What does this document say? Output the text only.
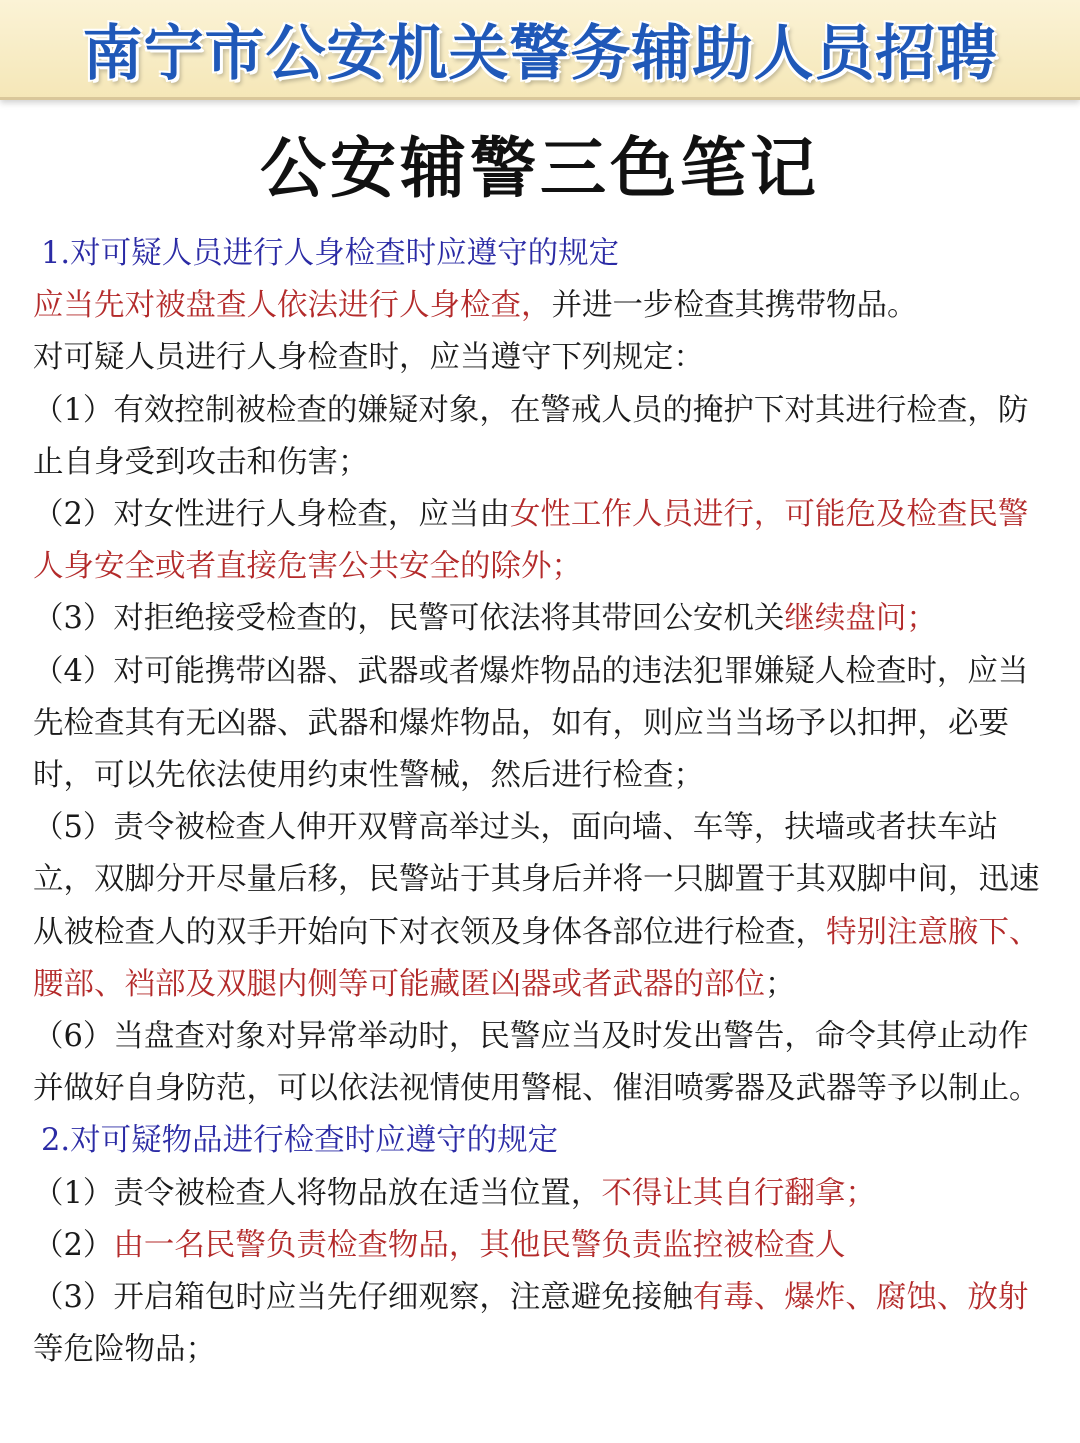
南宁市公安机关警务辅助人员招聘
公安辅警三色笔记

1.对可疑人员进行人身检查时应遵守的规定

应当先对被盘查人依法进行人身检查，并进一步检查其携带物品。

对可疑人员进行人身检查时，应当遵守下列规定：

（1）有效控制被检查的嫌疑对象，在警戒人员的掩护下对其进行检查，防止自身受到攻击和伤害；

（2）对女性进行人身检查，应当由女性工作人员进行，可能危及检查民警人身安全或者直接危害公共安全的除外；

（3）对拒绝接受检查的，民警可依法将其带回公安机关继续盘问；

（4）对可能携带凶器、武器或者爆炸物品的违法犯罪嫌疑人检查时，应当先检查其有无凶器、武器和爆炸物品，如有，则应当当场予以扣押，必要时，可以先依法使用约束性警械，然后进行检查；

（5）责令被检查人伸开双臂高举过头，面向墙、车等，扶墙或者扶车站立，双脚分开尽量后移，民警站于其身后并将一只脚置于其双脚中间，迅速从被检查人的双手开始向下对衣领及身体各部位进行检查，特别注意腋下、腰部、裆部及双腿内侧等可能藏匿凶器或者武器的部位；

（6）当盘查对象对异常举动时，民警应当及时发出警告，命令其停止动作并做好自身防范，可以依法视情使用警棍、催泪喷雾器及武器等予以制止。

2.对可疑物品进行检查时应遵守的规定

（1）责令被检查人将物品放在适当位置，不得让其自行翻拿；

（2）由一名民警负责检查物品，其他民警负责监控被检查人

（3）开启箱包时应当先仔细观察，注意避免接触有毒、爆炸、腐蚀、放射等危险物品；
